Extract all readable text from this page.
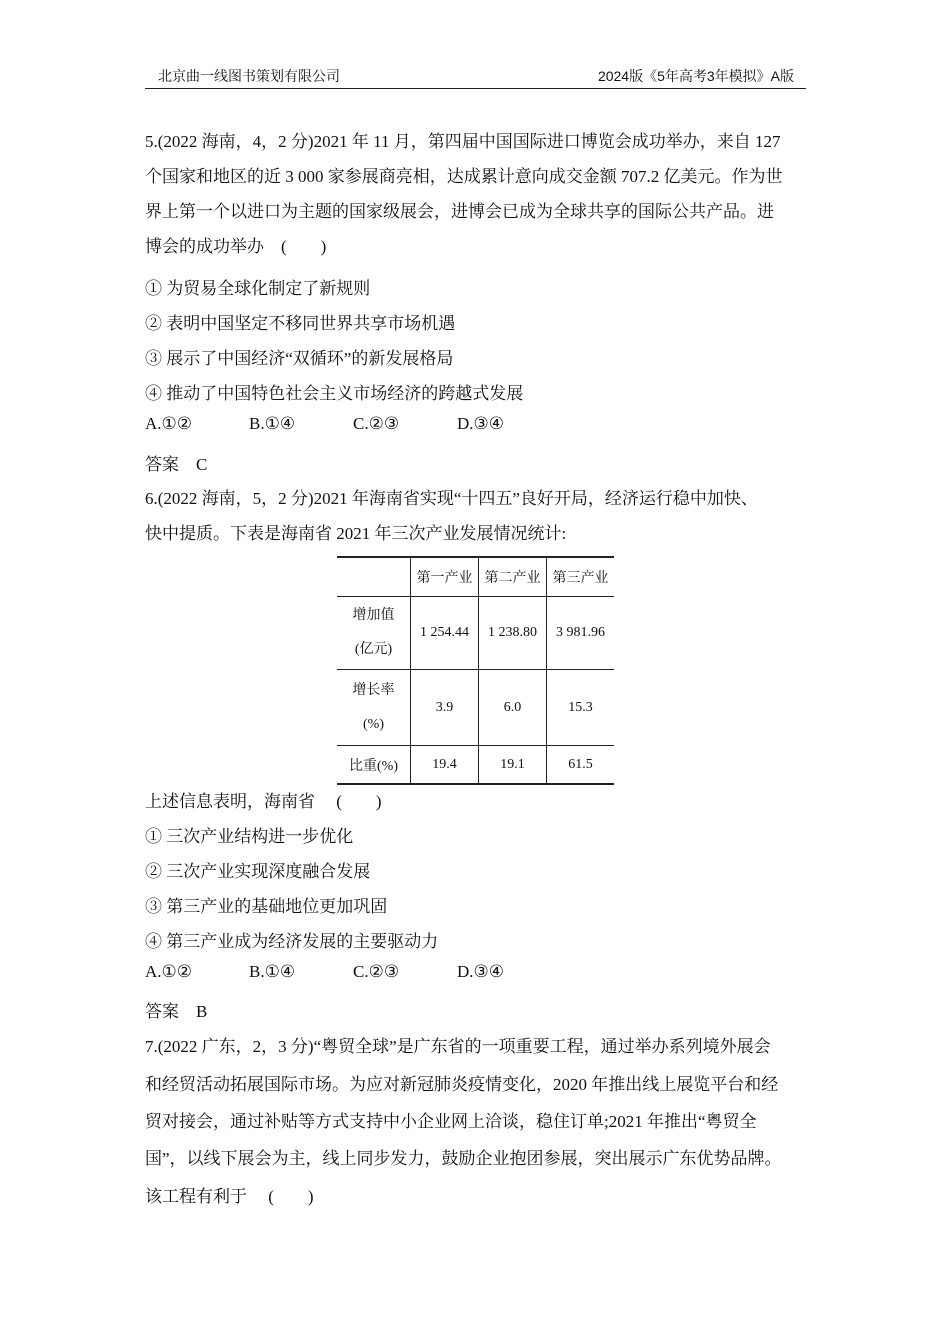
北京曲一线图书策划有限公司	2024版《5年高考3年模拟》A版
5.(2022 海南，4，2 分)2021 年 11 月，第四届中国国际进口博览会成功举办，来自 127
个国家和地区的近 3 000 家参展商亮相，达成累计意向成交金额 707.2 亿美元。作为世
界上第一个以进口为主题的国家级展会，进博会已成为全球共享的国际公共产品。进
博会的成功举办　(　　)
① 为贸易全球化制定了新规则
② 表明中国坚定不移同世界共享市场机遇
③ 展示了中国经济“双循环”的新发展格局
④ 推动了中国特色社会主义市场经济的跨越式发展
A.①②	B.①④	C.②③	D.③④
答案　C
6.(2022 海南，5，2 分)2021 年海南省实现“十四五”良好开局，经济运行稳中加快、
快中提质。下表是海南省 2021 年三次产业发展情况统计:
	第一产业	第二产业	第三产业

增加值
(亿元)	1 254.44	1 238.80	3 981.96

增长率
(%)	3.9	6.0	15.3
比重(%)	19.4	19.1	61.5
上述信息表明，海南省　 (　　)
① 三次产业结构进一步优化
② 三次产业实现深度融合发展
③ 第三产业的基础地位更加巩固
④ 第三产业成为经济发展的主要驱动力
A.①②	B.①④	C.②③	D.③④
答案　B
7.(2022 广东，2，3 分)“粤贸全球”是广东省的一项重要工程，通过举办系列境外展会
和经贸活动拓展国际市场。为应对新冠肺炎疫情变化，2020 年推出线上展览平台和经
贸对接会，通过补贴等方式支持中小企业网上洽谈，稳住订单;2021 年推出“粤贸全
国”，以线下展会为主，线上同步发力，鼓励企业抱团参展，突出展示广东优势品牌。
该工程有利于　 (　　)
